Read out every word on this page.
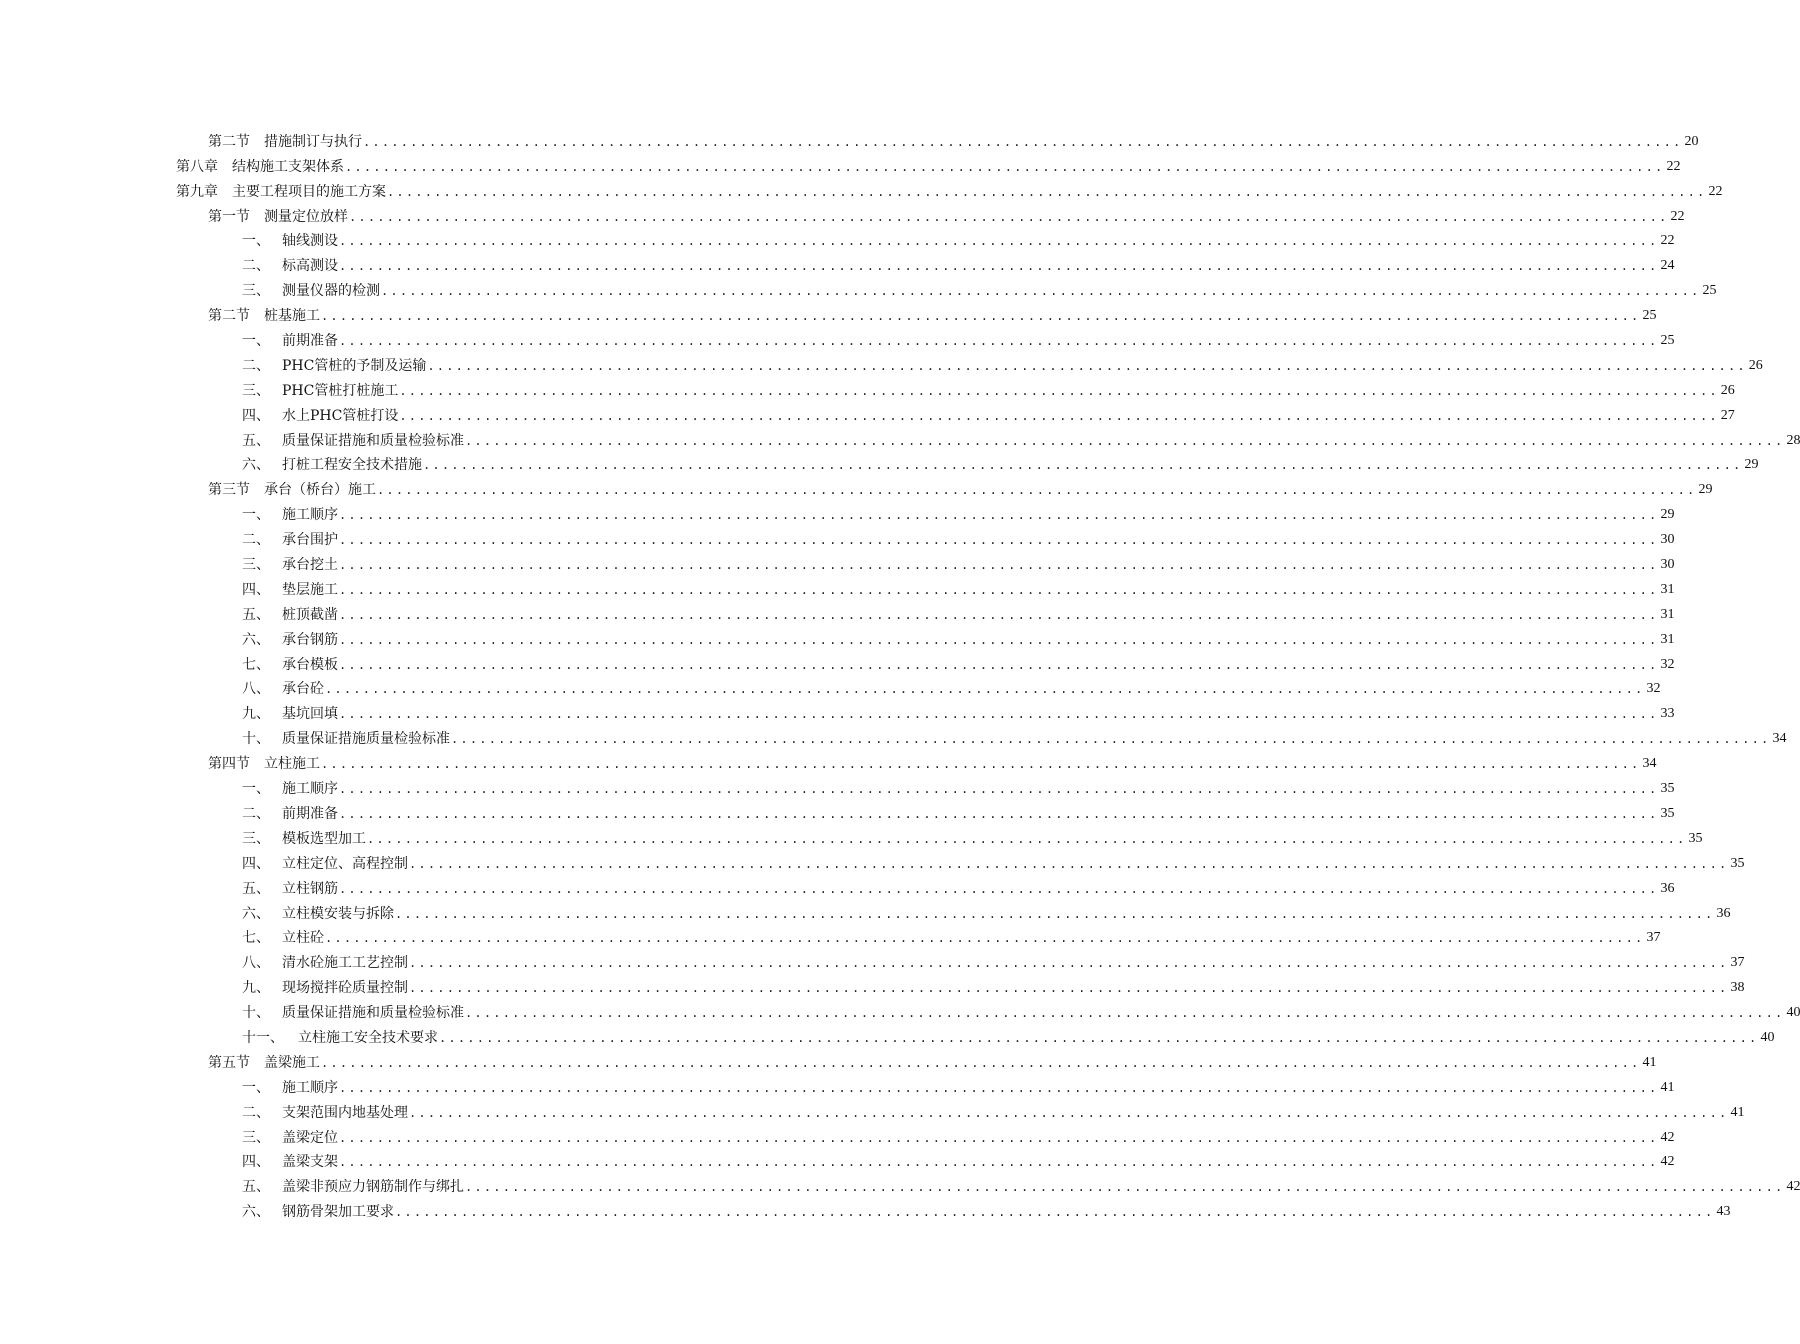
第二节 措施制订与执行 ............................................................................................................................................ 20
第八章 结构施工支架体系 ............................................................................................................................................ 22
第九章 主要工程项目的施工方案 ............................................................................................................................................ 22
第一节 测量定位放样 ............................................................................................................................................ 22
一、 轴线测设 ............................................................................................................................................ 22
二、 标高测设 ............................................................................................................................................ 24
三、 测量仪器的检测 ............................................................................................................................................ 25
第二节 桩基施工 ............................................................................................................................................ 25
一、 前期准备 ............................................................................................................................................ 25
二、 PHC管桩的予制及运输 ............................................................................................................................................ 26
三、 PHC管桩打桩施工 ............................................................................................................................................ 26
四、 水上PHC管桩打设 ............................................................................................................................................ 27
五、 质量保证措施和质量检验标准 ............................................................................................................................................ 28
六、 打桩工程安全技术措施 ............................................................................................................................................ 29
第三节 承台（桥台）施工 ............................................................................................................................................ 29
一、 施工顺序 ............................................................................................................................................ 29
二、 承台围护 ............................................................................................................................................ 30
三、 承台挖土 ............................................................................................................................................ 30
四、 垫层施工 ............................................................................................................................................ 31
五、 桩顶截凿 ............................................................................................................................................ 31
六、 承台钢筋 ............................................................................................................................................ 31
七、 承台模板 ............................................................................................................................................ 32
八、 承台砼 ............................................................................................................................................ 32
九、 基坑回填 ............................................................................................................................................ 33
十、 质量保证措施质量检验标准 ............................................................................................................................................ 34
第四节 立柱施工 ............................................................................................................................................ 34
一、 施工顺序 ............................................................................................................................................ 35
二、 前期准备 ............................................................................................................................................ 35
三、 模板选型加工 ............................................................................................................................................ 35
四、 立柱定位、高程控制 ............................................................................................................................................ 35
五、 立柱钢筋 ............................................................................................................................................ 36
六、 立柱模安装与拆除 ............................................................................................................................................ 36
七、 立柱砼 ............................................................................................................................................ 37
八、 清水砼施工工艺控制 ............................................................................................................................................ 37
九、 现场搅拌砼质量控制 ............................................................................................................................................ 38
十、 质量保证措施和质量检验标准 ............................................................................................................................................ 40
十一、 立柱施工安全技术要求 ............................................................................................................................................ 40
第五节 盖梁施工 ............................................................................................................................................ 41
一、 施工顺序 ............................................................................................................................................ 41
二、 支架范围内地基处理 ............................................................................................................................................ 41
三、 盖梁定位 ............................................................................................................................................ 42
四、 盖梁支架 ............................................................................................................................................ 42
五、 盖梁非预应力钢筋制作与绑扎 ............................................................................................................................................ 42
六、 钢筋骨架加工要求 ............................................................................................................................................ 43
